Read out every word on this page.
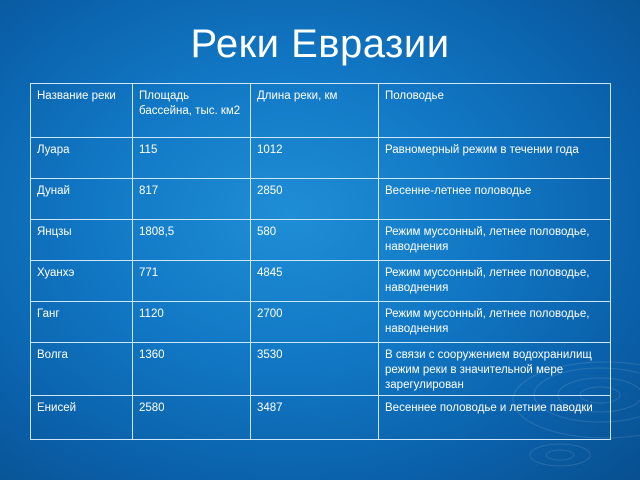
Реки Евразии
Название реки	Площадь бассейна, тыс. км2	Длина реки, км	Половодье
Луара	115	1012	Равномерный режим в течении года
Дунай	817	2850	Весенне-летнее половодье
Янцзы	1808,5	580	Режим муссонный, летнее половодье, наводнения
Хуанхэ	771	4845	Режим муссонный, летнее половодье, наводнения
Ганг	1120	2700	Режим муссонный, летнее половодье, наводнения
Волга	1360	3530	В связи с сооружением водохранилищ режим реки в значительной мере зарегулирован
Енисей	2580	3487	Весеннее половодье и летние паводки
